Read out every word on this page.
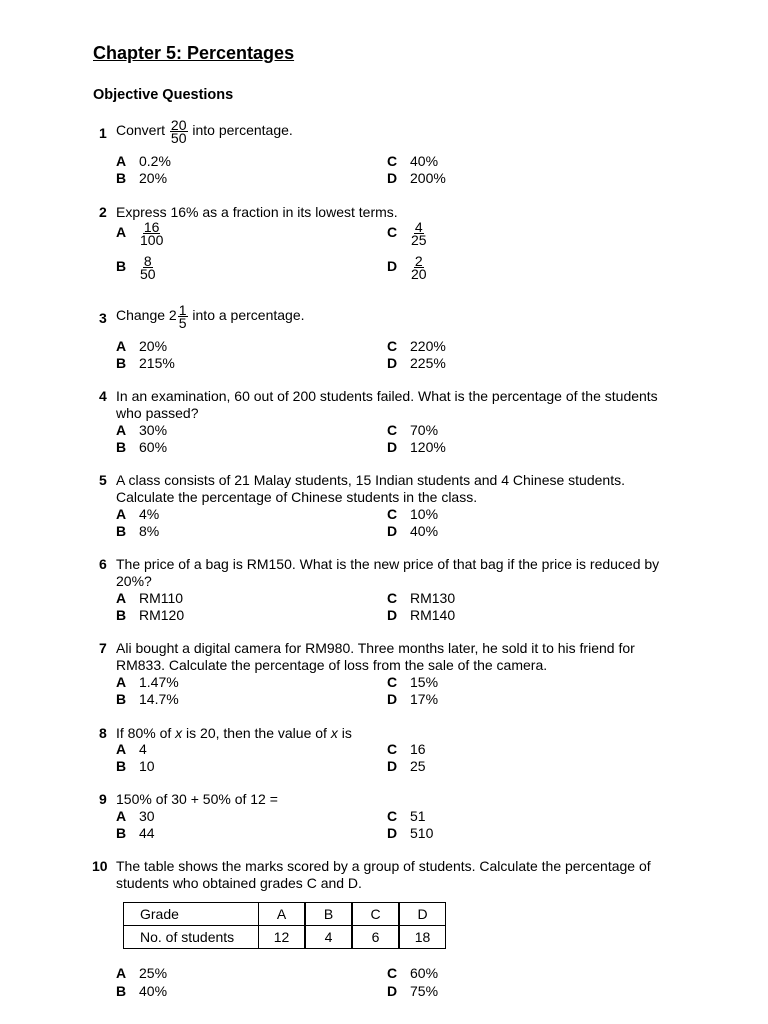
Chapter 5: Percentages
Objective Questions
1 Convert $\frac{20}{50}$ into percentage.
A 0.2%
B 20%
C 40%
D 200%
2 Express 16% as a fraction in its lowest terms.
A $\frac{16}{100}$
B $\frac{8}{50}$
C $\frac{4}{25}$
D $\frac{2}{20}$
3 Change $2 \frac{1}{5}$ into a percentage.
A 20%
B 215%
C 220%
D 225%
4 In an examination, 60 out of 200 students failed. What is the percentage of the students who passed?
A 30%
B 60%
C 70%
D 120%
5 A class consists of 21 Malay students, 15 Indian students and 4 Chinese students. Calculate the percentage of Chinese students in the class.
A 4%
B 8%
C 10%
D 40%
6 The price of a bag is RM150. What is the new price of that bag if the price is reduced by 20%?
A RM110
B RM120
C RM130
D RM140
7 Ali bought a digital camera for RM980. Three months later, he sold it to his friend for RM833. Calculate the percentage of loss from the sale of the camera.
A 1.47%
B 14.7%
C 15%
D 17%
8 If 80% of x is 20, then the value of x is
A 4
B 10
C 16
D 25
9 150% of 30 + 50% of 12 =
A 30
B 44
C 51
D 510
10 The table shows the marks scored by a group of students. Calculate the percentage of students who obtained grades C and D.
Grade	A	B	C	D
No. of students	12	4	6	18
A 25%
B 40%
C 60%
D 75%
